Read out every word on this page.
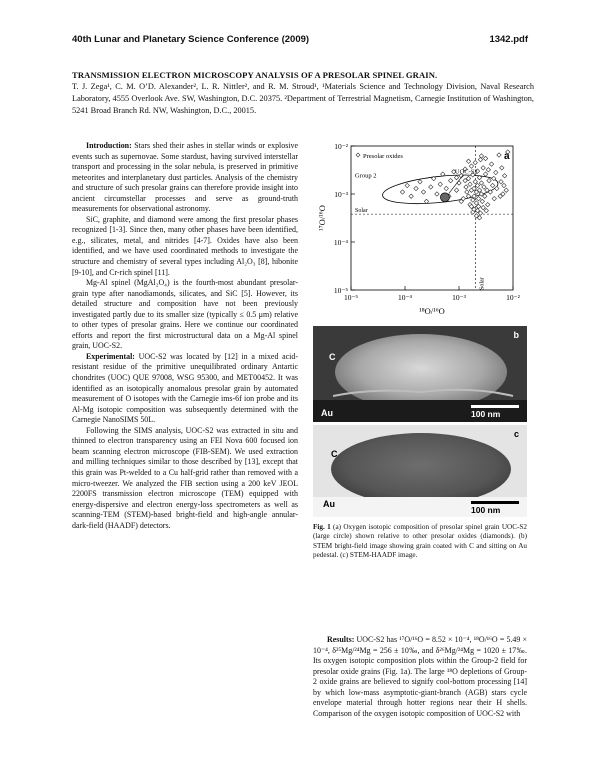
40th Lunar and Planetary Science Conference (2009)	1342.pdf
TRANSMISSION ELECTRON MICROSCOPY ANALYSIS OF A PRESOLAR SPINEL GRAIN.
T. J. Zega¹, C. M. O’D. Alexander², L. R. Nittler², and R. M. Stroud¹, ¹Materials Science and Technology Division, Naval Research Laboratory, 4555 Overlook Ave. SW, Washington, D.C. 20375. ²Department of Terrestrial Magnetism, Carnegie Institution of Washington, 5241 Broad Branch Rd. NW, Washington, D.C., 20015.

Introduction: Stars shed their ashes in stellar winds or explosive events such as supernovae. Some stardust, having survived interstellar transport and processing in the solar nebula, is preserved in primitive meteorites and interplanetary dust particles. Analysis of the chemistry and structure of such presolar grains can therefore provide insight into ancient circumstellar processes and serve as ground-truth measurements for observational astronomy.

SiC, graphite, and diamond were among the first presolar phases recognized [1-3]. Since then, many other phases have been identified, e.g., silicates, metal, and nitrides [4-7]. Oxides have also been identified, and we have used coordinated methods to investigate the structure and chemistry of several types including Al₂O₃ [8], hibonite [9-10], and Cr-rich spinel [11].

Mg-Al spinel (MgAl₂O₄) is the fourth-most abundant presolar-grain type after nanodiamonds, silicates, and SiC [5]. However, its detailed structure and composition have not been previously investigated partly due to its smaller size (typically ≤ 0.5 μm) relative to other types of presolar grains. Here we continue our coordinated efforts and report the first microstructural data on a Mg-Al spinel grain, UOC-S2.

Experimental: UOC-S2 was located by [12] in a mixed acid-resistant residue of the primitive unequilibrated ordinary Antartic chondrites (UOC) QUE 97008, WSG 95300, and MET00452. It was identified as an isotopically anomalous presolar grain by automated measurement of O isotopes with the Carnegie ims-6f ion probe and its Al-Mg isotopic composition was subsequently determined with the Carnegie NanoSIMS 50L.

Following the SIMS analysis, UOC-S2 was extracted in situ and thinned to electron transparency using an FEI Nova 600 focused ion beam scanning electron microscope (FIB-SEM). We used extraction and milling techniques similar to those described by [13], except that this grain was Pt-welded to a Cu half-grid rather than removed with a micro-tweezer. We analyzed the FIB section using a 200 keV JEOL 2200FS transmission electron microscope (TEM) equipped with energy-dispersive and electron energy-loss spectrometers as well as scanning-TEM (STEM)-based bright-field and high-angle annular-dark-field (HAADF) detectors.

10⁻⁵	10⁻⁴	10⁻³	10⁻²
10⁻⁵
10⁻⁴
10⁻³
10⁻²
Solar
Solar
Group 2
UOC-S2
Presolar oxides	a
¹⁸O/¹⁶O
¹⁷O/¹⁶O
b
C
Au	100 nm
c
C
Au
100 nm
Fig. 1 (a) Oxygen isotopic composition of presolar spinel grain UOC-S2 (large circle) shown relative to other presolar oxides (diamonds). (b) STEM bright-field image showing grain coated with C and sitting on Au pedestal. (c) STEM-HAADF image.

Results: UOC-S2 has ¹⁷O/¹⁶O = 8.52 × 10⁻⁴, ¹⁸O/¹⁶O = 5.49 × 10⁻⁴, δ²⁵Mg/²⁴Mg = 256 ± 10‰, and δ²⁶Mg/²⁴Mg = 1020 ± 17‰. Its oxygen isotopic composition plots within the Group-2 field for presolar oxide grains (Fig. 1a). The large ¹⁸O depletions of Group-2 oxide grains are believed to signify cool-bottom processing [14] by which low-mass asymptotic-giant-branch (AGB) stars cycle envelope material through hotter regions near their H shells. Comparison of the oxygen isotopic composition of UOC-S2 with
